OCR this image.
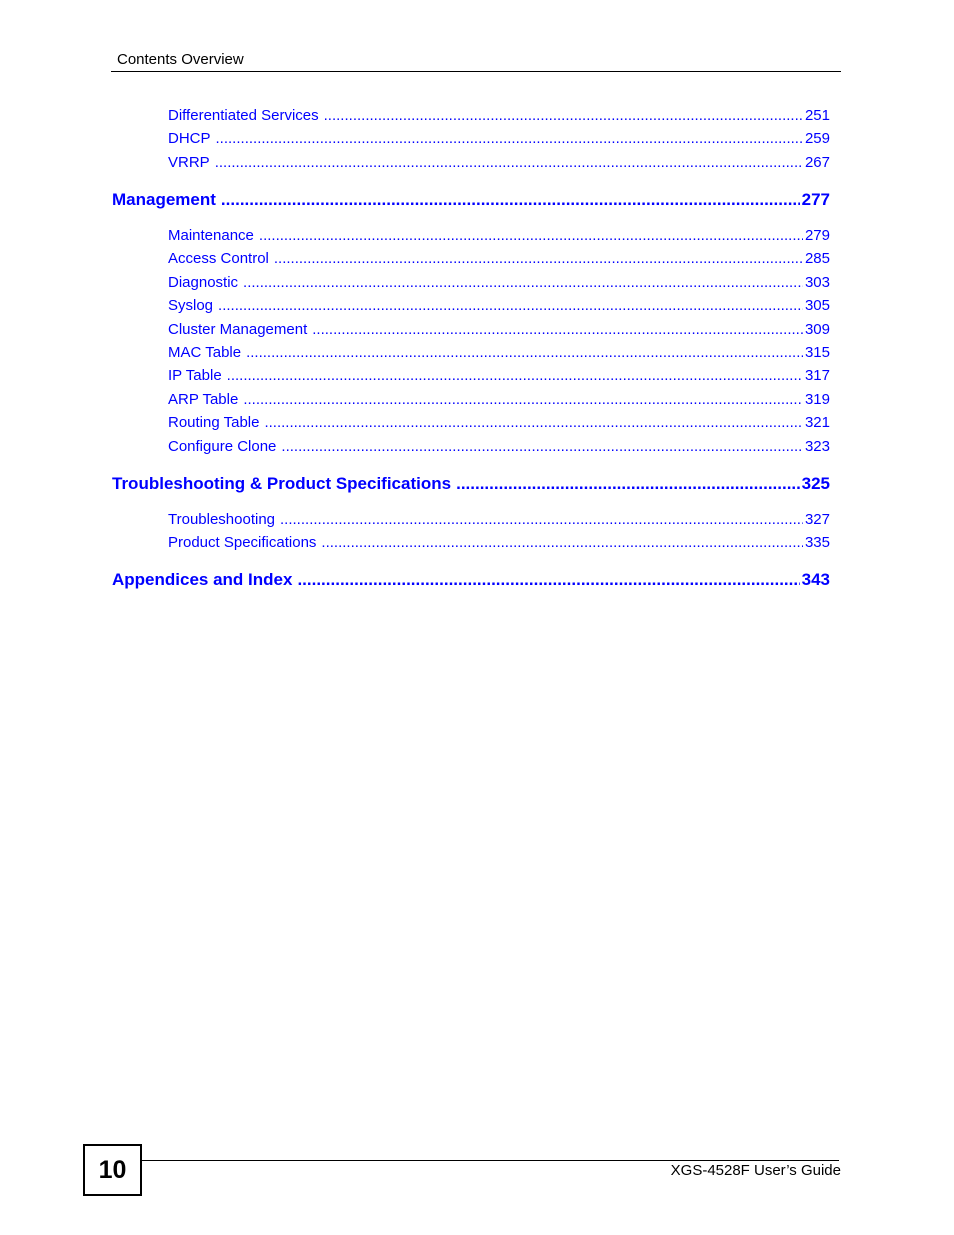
Contents Overview
Differentiated Services .....	251
DHCP .....	259
VRRP .....	267
Management .....	277
Maintenance .....	279
Access Control .....	285
Diagnostic .....	303
Syslog .....	305
Cluster Management .....	309
MAC Table .....	315
IP Table .....	317
ARP Table .....	319
Routing Table .....	321
Configure Clone .....	323
Troubleshooting & Product Specifications .....	325
Troubleshooting .....	327
Product Specifications .....	335
Appendices and Index .....	343
10	XGS-4528F User’s Guide
